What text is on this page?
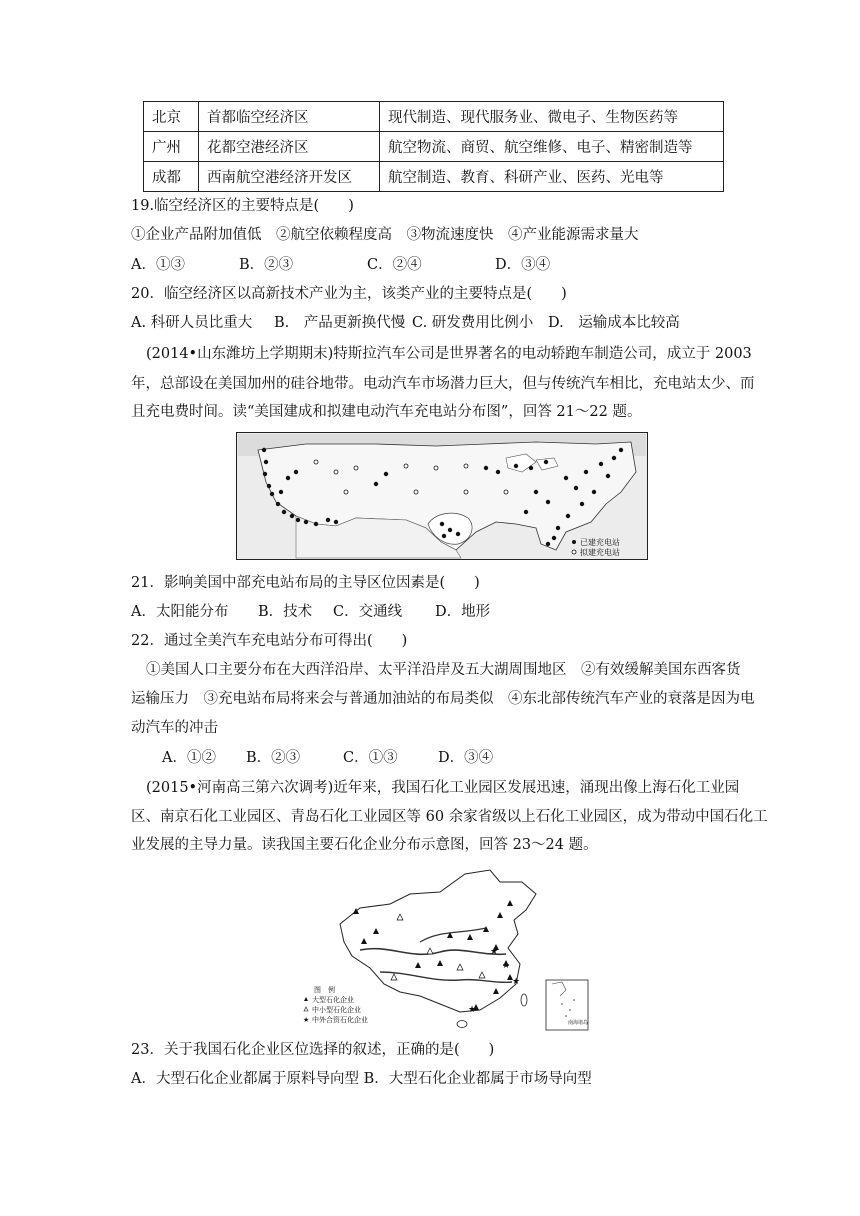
北京	首都临空经济区	现代制造、现代服务业、微电子、生物医药等
广州	花都空港经济区	航空物流、商贸、航空维修、电子、精密制造等
成都	西南航空港经济开发区	航空制造、教育、科研产业、医药、光电等
19.临空经济区的主要特点是(　　)
①企业产品附加值低　②航空依赖程度高　③物流速度快　④产业能源需求量大
A．①③	B．②③	C．②④	D．③④
20．临空经济区以高新技术产业为主，该类产业的主要特点是(　　)
A. 科研人员比重大 B.　产品更新换代慢 C. 研发费用比例小 D.　运输成本比较高
(2014•山东潍坊上学期期末)特斯拉汽车公司是世界著名的电动轿跑车制造公司，成立于 2003
年，总部设在美国加州的硅谷地带。电动汽车市场潜力巨大，但与传统汽车相比，充电站太少、而
且充电费时间。读“美国建成和拟建电动汽车充电站分布图”，回答 21～22 题。
已建充电站
拟建充电站
21．影响美国中部充电站布局的主导区位因素是(　　)
A．太阳能分布 B．技术 C．交通线 D．地形
22．通过全美汽车充电站分布可得出(　　)
①美国人口主要分布在大西洋沿岸、太平洋沿岸及五大湖周围地区　②有效缓解美国东西客货
运输压力　③充电站布局将来会与普通加油站的布局类似　④东北部传统汽车产业的衰落是因为电
动汽车的冲击
A．①② B．②③	C．①③	D．③④
(2015•河南高三第六次调考)近年来，我国石化工业园区发展迅速，涌现出像上海石化工业园
区、南京石化工业园区、青岛石化工业园区等 60 余家省级以上石化工业园区，成为带动中国石化工
业发展的主导力量。读我国主要石化企业分布示意图，回答 23～24 题。
★
★
★
★
图　例
大型石化企业
中小型石化企业
★ 中外合资石化企业	南海诸岛
23．关于我国石化企业区位选择的叙述，正确的是(　　)
A．大型石化企业都属于原料导向型 B．大型石化企业都属于市场导向型
